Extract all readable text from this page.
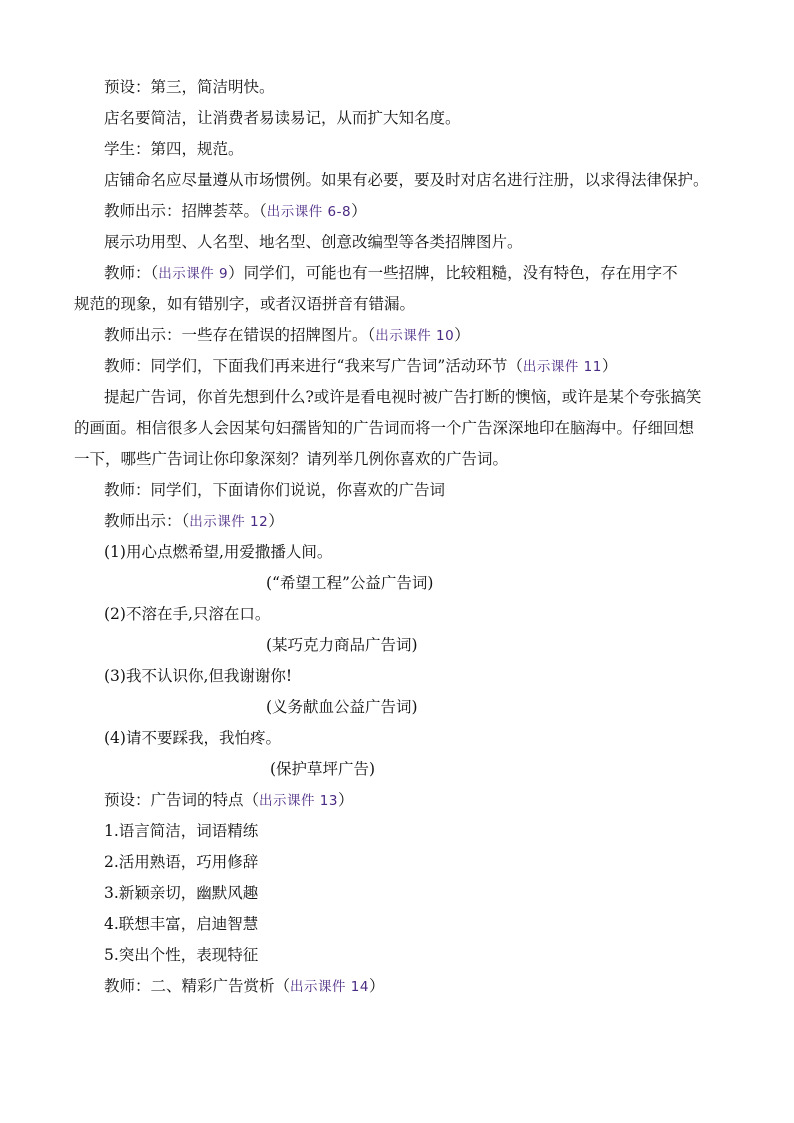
预设：第三，简洁明快。
店名要简洁，让消费者易读易记，从而扩大知名度。
学生：第四，规范。
店铺命名应尽量遵从市场惯例。如果有必要，要及时对店名进行注册，以求得法律保护。
教师出示：招牌荟萃。（出示课件 6-8）
展示功用型、人名型、地名型、创意改编型等各类招牌图片。
教师：（出示课件 9）同学们，可能也有一些招牌，比较粗糙，没有特色，存在用字不
规范的现象，如有错别字，或者汉语拼音有错漏。
教师出示：一些存在错误的招牌图片。（出示课件 10）
教师：同学们，下面我们再来进行“我来写广告词”活动环节（出示课件 11）
提起广告词，你首先想到什么?或许是看电视时被广告打断的懊恼，或许是某个夸张搞笑
的画面。相信很多人会因某句妇孺皆知的广告词而将一个广告深深地印在脑海中。仔细回想
一下，哪些广告词让你印象深刻？请列举几例你喜欢的广告词。
教师：同学们，下面请你们说说，你喜欢的广告词
教师出示：（出示课件 12）
(1)用心点燃希望,用爱撒播人间。
(“希望工程”公益广告词)
(2)不溶在手,只溶在口。
(某巧克力商品广告词)
(3)我不认识你,但我谢谢你!
(义务献血公益广告词)
(4)请不要踩我，我怕疼。
(保护草坪广告)
预设：广告词的特点（出示课件 13）
1.语言简洁，词语精练
2.活用熟语，巧用修辞
3.新颖亲切，幽默风趣
4.联想丰富，启迪智慧
5.突出个性，表现特征
教师：二、精彩广告赏析（出示课件 14）
